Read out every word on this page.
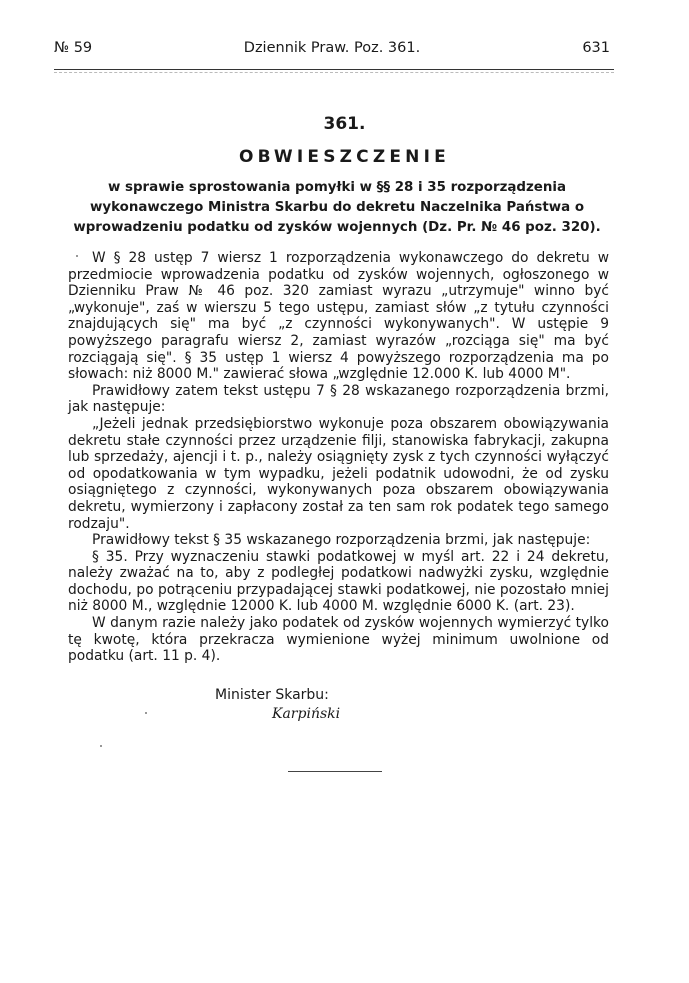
№ 59	Dziennik Praw. Poz. 361.	631
361.
OBWIESZCZENIE
w sprawie sprostowania pomyłki w §§ 28 i 35 rozporządzenia wykonawczego Ministra Skarbu do dekretu Naczelnika Państwa o wprowadzeniu podatku od zysków wojennych (Dz. Pr. № 46 poz. 320).

W § 28 ustęp 7 wiersz 1 rozporządzenia wykonawczego do dekretu w przedmiocie wprowadzenia podatku od zysków wojennych, ogłoszonego w Dzienniku Praw № 46 poz. 320 zamiast wyrazu „utrzymuje" winno być „wykonuje", zaś w wierszu 5 tego ustępu, zamiast słów „z tytułu czynności znajdujących się" ma być „z czynności wykonywanych". W ustępie 9 powyższego paragrafu wiersz 2, zamiast wyrazów „rozciąga się" ma być rozciągają się". § 35 ustęp 1 wiersz 4 powyższego rozporządzenia ma po słowach: niż 8000 M." zawierać słowa „względnie 12.000 K. lub 4000 M".

Prawidłowy zatem tekst ustępu 7 § 28 wskazanego rozporządzenia brzmi, jak następuje:

„Jeżeli jednak przedsiębiorstwo wykonuje poza obszarem obowiązywania dekretu stałe czynności przez urządzenie filji, stanowiska fabrykacji, zakupna lub sprzedaży, ajencji i t. p., należy osiągnięty zysk z tych czynności wyłączyć od opodatkowania w tym wypadku, jeżeli podatnik udowodni, że od zysku osiągniętego z czynności, wykonywanych poza obszarem obowiązywania dekretu, wymierzony i zapłacony został za ten sam rok podatek tego samego rodzaju".

Prawidłowy tekst § 35 wskazanego rozporządzenia brzmi, jak następuje:

§ 35. Przy wyznaczeniu stawki podatkowej w myśl art. 22 i 24 dekretu, należy zważać na to, aby z podległej podatkowi nadwyżki zysku, względnie dochodu, po potrąceniu przypadającej stawki podatkowej, nie pozostało mniej niż 8000 M., względnie 12000 K. lub 4000 M. względnie 6000 K. (art. 23).

W danym razie należy jako podatek od zysków wojennych wymierzyć tylko tę kwotę, która przekracza wymienione wyżej minimum uwolnione od podatku (art. 11 p. 4).

Minister Skarbu:
Karpiński
